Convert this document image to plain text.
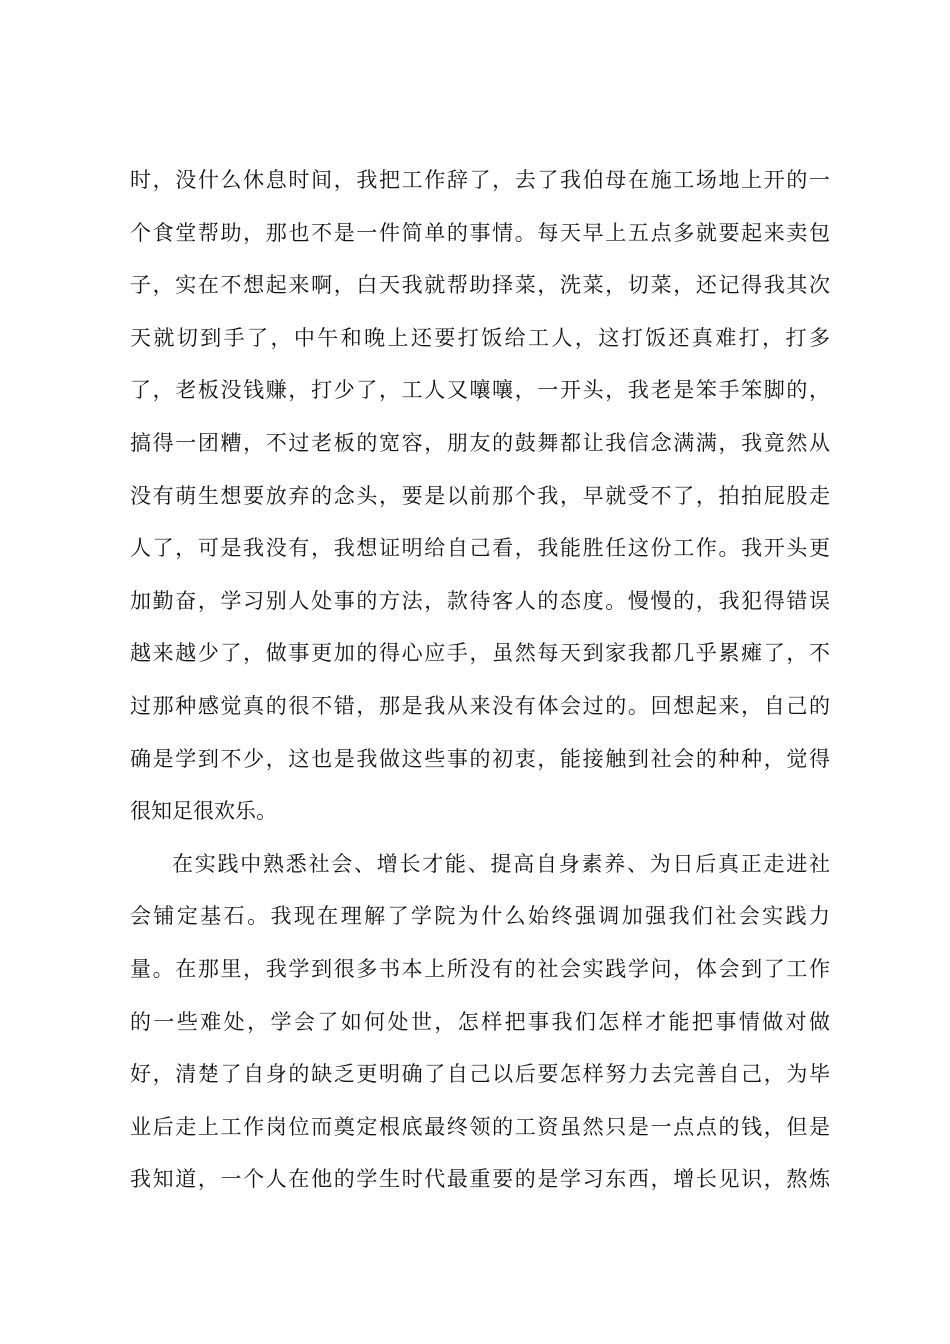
时，没什么休息时间，我把工作辞了，去了我伯母在施工场地上开的一
个食堂帮助，那也不是一件简单的事情。每天早上五点多就要起来卖包
子，实在不想起来啊，白天我就帮助择菜，洗菜，切菜，还记得我其次
天就切到手了，中午和晚上还要打饭给工人，这打饭还真难打，打多
了，老板没钱赚，打少了，工人又嚷嚷，一开头，我老是笨手笨脚的，
搞得一团糟，不过老板的宽容，朋友的鼓舞都让我信念满满，我竟然从
没有萌生想要放弃的念头，要是以前那个我，早就受不了，拍拍屁股走
人了，可是我没有，我想证明给自己看，我能胜任这份工作。我开头更
加勤奋，学习别人处事的方法，款待客人的态度。慢慢的，我犯得错误
越来越少了，做事更加的得心应手，虽然每天到家我都几乎累瘫了，不
过那种感觉真的很不错，那是我从来没有体会过的。回想起来，自己的
确是学到不少，这也是我做这些事的初衷，能接触到社会的种种，觉得
很知足很欢乐。
在实践中熟悉社会、增长才能、提高自身素养、为日后真正走进社
会铺定基石。我现在理解了学院为什么始终强调加强我们社会实践力
量。在那里，我学到很多书本上所没有的社会实践学问，体会到了工作
的一些难处，学会了如何处世，怎样把事我们怎样才能把事情做对做
好，清楚了自身的缺乏更明确了自己以后要怎样努力去完善自己，为毕
业后走上工作岗位而奠定根底最终领的工资虽然只是一点点的钱，但是
我知道，一个人在他的学生时代最重要的是学习东西，增长见识，熬炼
